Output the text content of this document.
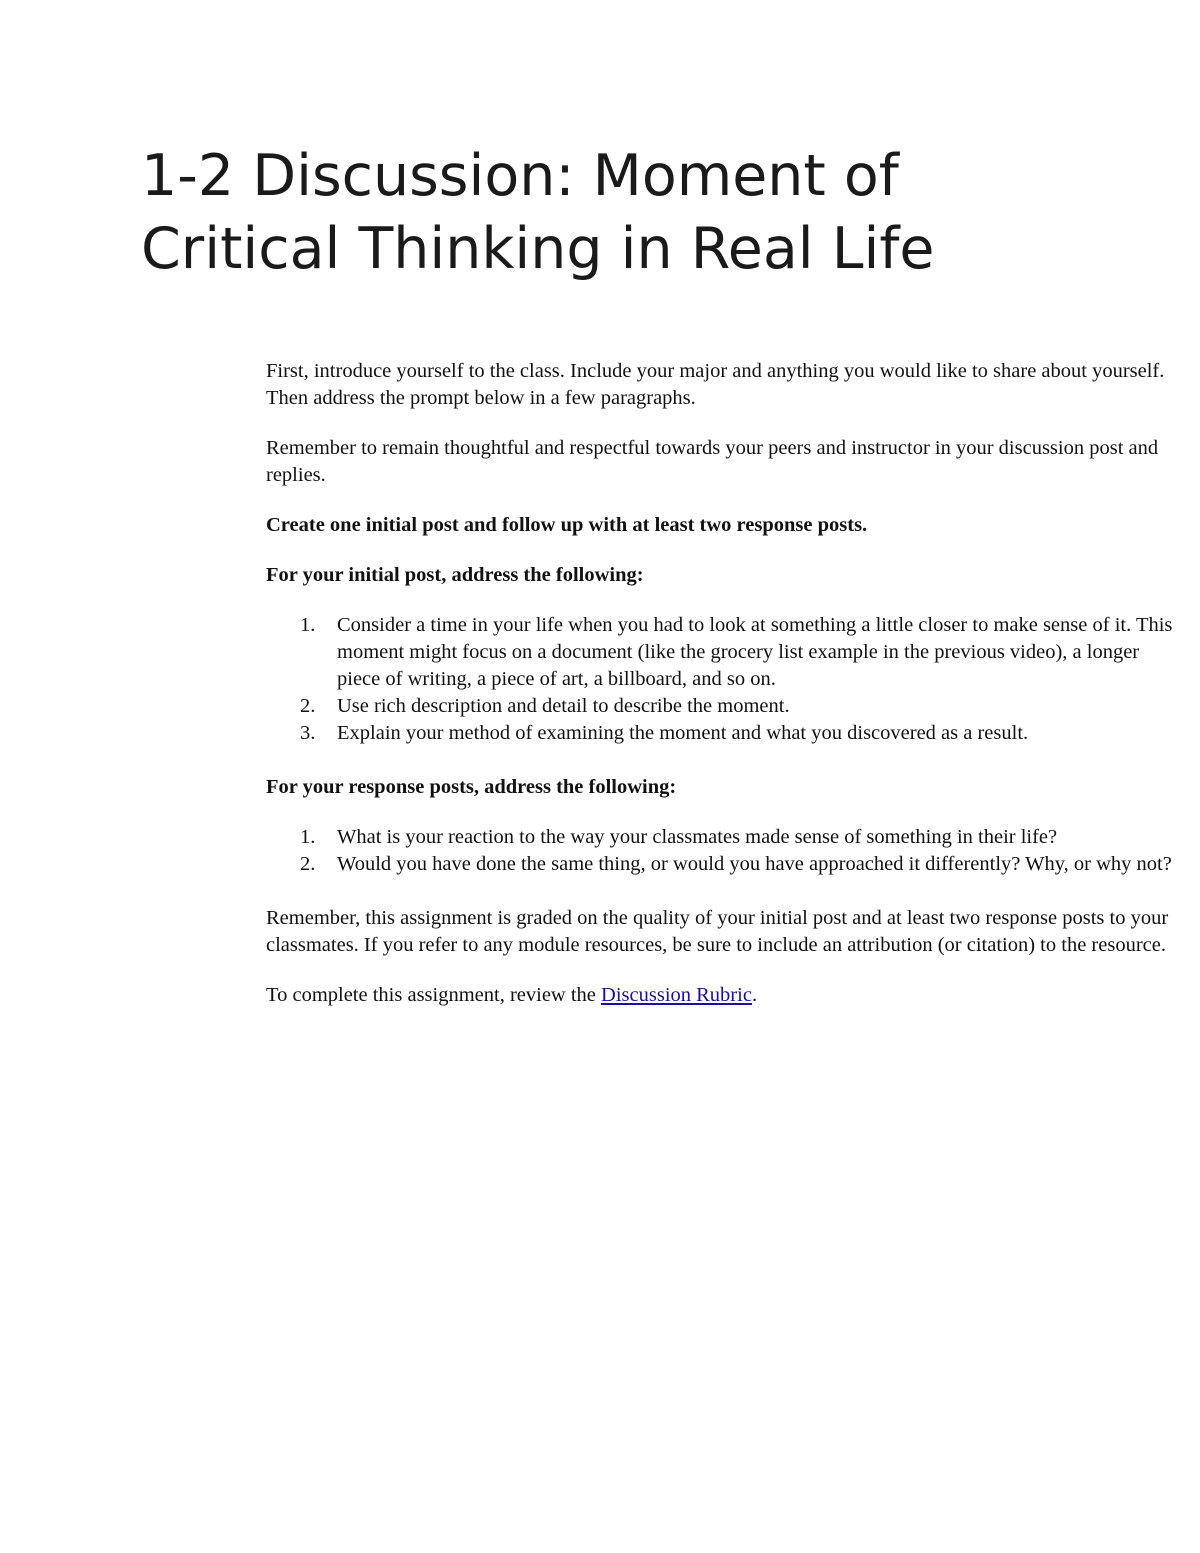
1-2 Discussion: Moment of
Critical Thinking in Real Life

First, introduce yourself to the class. Include your major and anything you would like to share about yourself. Then address the prompt below in a few paragraphs.

Remember to remain thoughtful and respectful towards your peers and instructor in your discussion post and replies.

Create one initial post and follow up with at least two response posts.

For your initial post, address the following:

1. Consider a time in your life when you had to look at something a little closer to make sense of it. This moment might focus on a document (like the grocery list example in the previous video), a longer piece of writing, a piece of art, a billboard, and so on.
2. Use rich description and detail to describe the moment.
3. Explain your method of examining the moment and what you discovered as a result.

For your response posts, address the following:

1. What is your reaction to the way your classmates made sense of something in their life?
2. Would you have done the same thing, or would you have approached it differently? Why, or why not?

Remember, this assignment is graded on the quality of your initial post and at least two response posts to your classmates. If you refer to any module resources, be sure to include an attribution (or citation) to the resource.

To complete this assignment, review the Discussion Rubric.
